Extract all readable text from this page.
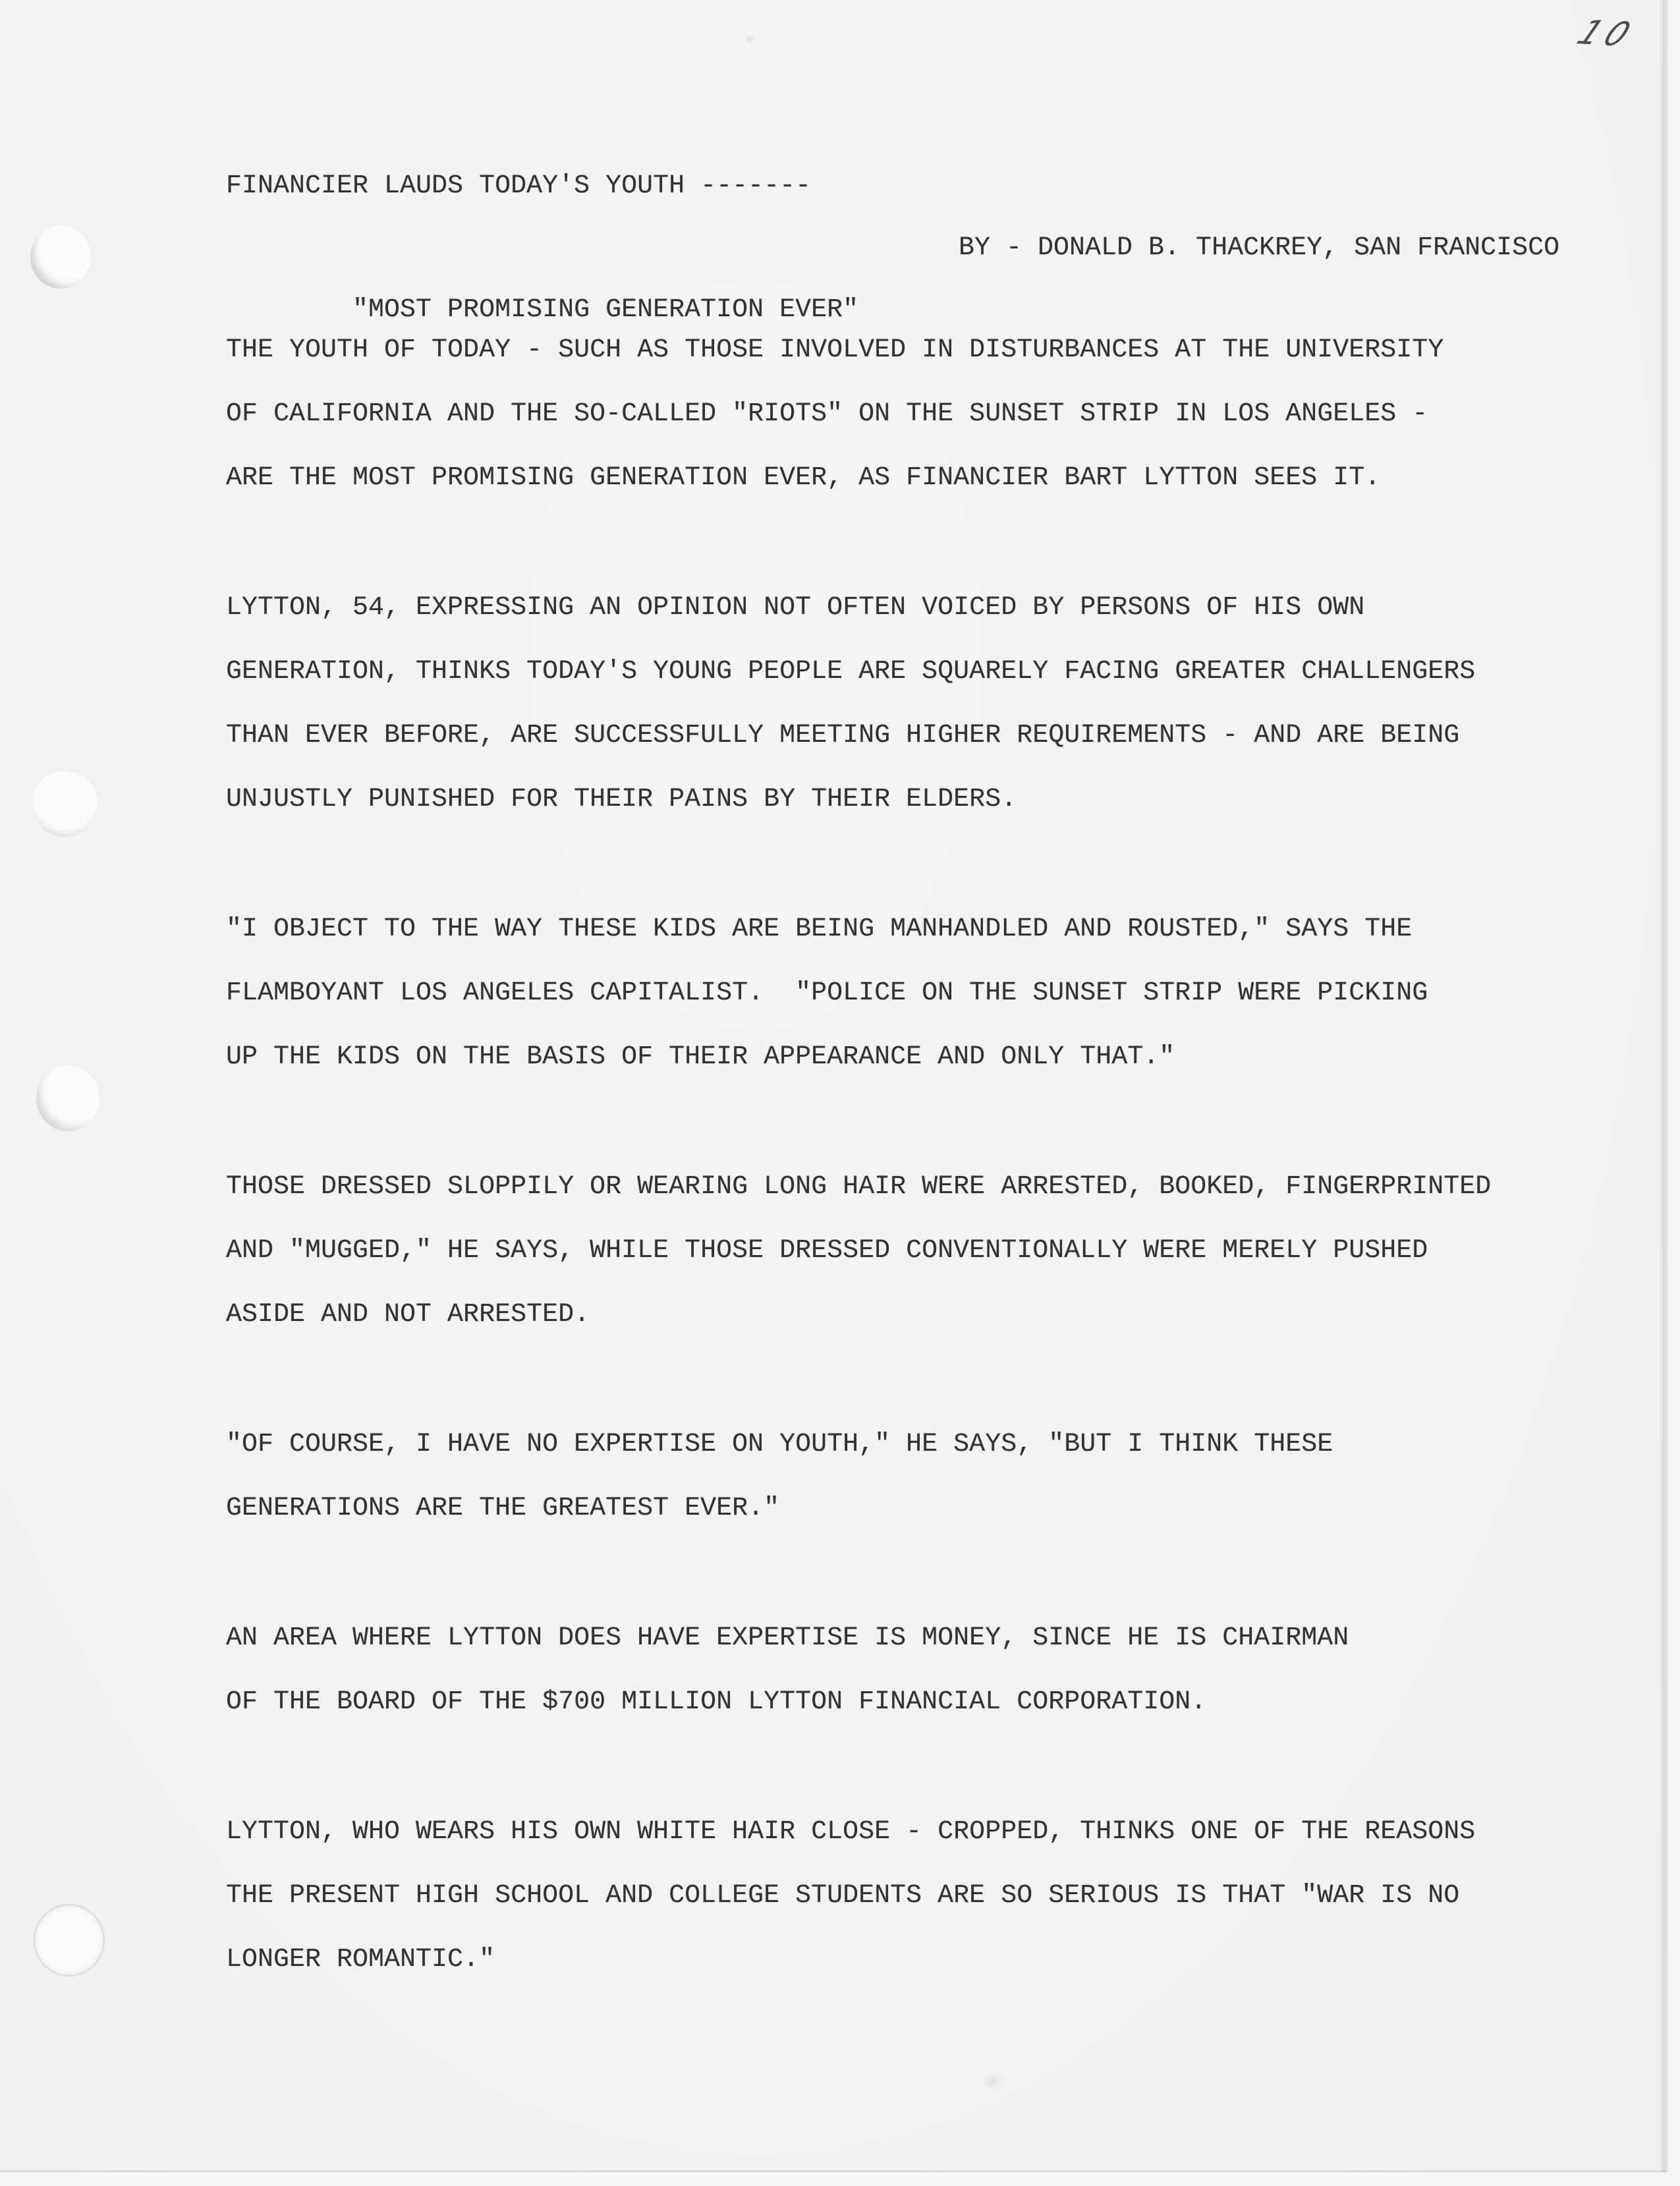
10
FINANCIER LAUDS TODAY'S YOUTH -------

"MOST PROMISING GENERATION EVER"

BY - DONALD B. THACKREY, SAN FRANCISCO

THE YOUTH OF TODAY - SUCH AS THOSE INVOLVED IN DISTURBANCES AT THE UNIVERSITY
OF CALIFORNIA AND THE SO-CALLED "RIOTS" ON THE SUNSET STRIP IN LOS ANGELES -
ARE THE MOST PROMISING GENERATION EVER, AS FINANCIER BART LYTTON SEES IT.
LYTTON, 54, EXPRESSING AN OPINION NOT OFTEN VOICED BY PERSONS OF HIS OWN
GENERATION, THINKS TODAY'S YOUNG PEOPLE ARE SQUARELY FACING GREATER CHALLENGERS
THAN EVER BEFORE, ARE SUCCESSFULLY MEETING HIGHER REQUIREMENTS - AND ARE BEING
UNJUSTLY PUNISHED FOR THEIR PAINS BY THEIR ELDERS.
"I OBJECT TO THE WAY THESE KIDS ARE BEING MANHANDLED AND ROUSTED," SAYS THE
FLAMBOYANT LOS ANGELES CAPITALIST.  "POLICE ON THE SUNSET STRIP WERE PICKING
UP THE KIDS ON THE BASIS OF THEIR APPEARANCE AND ONLY THAT."
THOSE DRESSED SLOPPILY OR WEARING LONG HAIR WERE ARRESTED, BOOKED, FINGERPRINTED
AND "MUGGED," HE SAYS, WHILE THOSE DRESSED CONVENTIONALLY WERE MERELY PUSHED
ASIDE AND NOT ARRESTED.
"OF COURSE, I HAVE NO EXPERTISE ON YOUTH," HE SAYS, "BUT I THINK THESE
GENERATIONS ARE THE GREATEST EVER."
AN AREA WHERE LYTTON DOES HAVE EXPERTISE IS MONEY, SINCE HE IS CHAIRMAN
OF THE BOARD OF THE $700 MILLION LYTTON FINANCIAL CORPORATION.
LYTTON, WHO WEARS HIS OWN WHITE HAIR CLOSE - CROPPED, THINKS ONE OF THE REASONS
THE PRESENT HIGH SCHOOL AND COLLEGE STUDENTS ARE SO SERIOUS IS THAT "WAR IS NO
LONGER ROMANTIC."
